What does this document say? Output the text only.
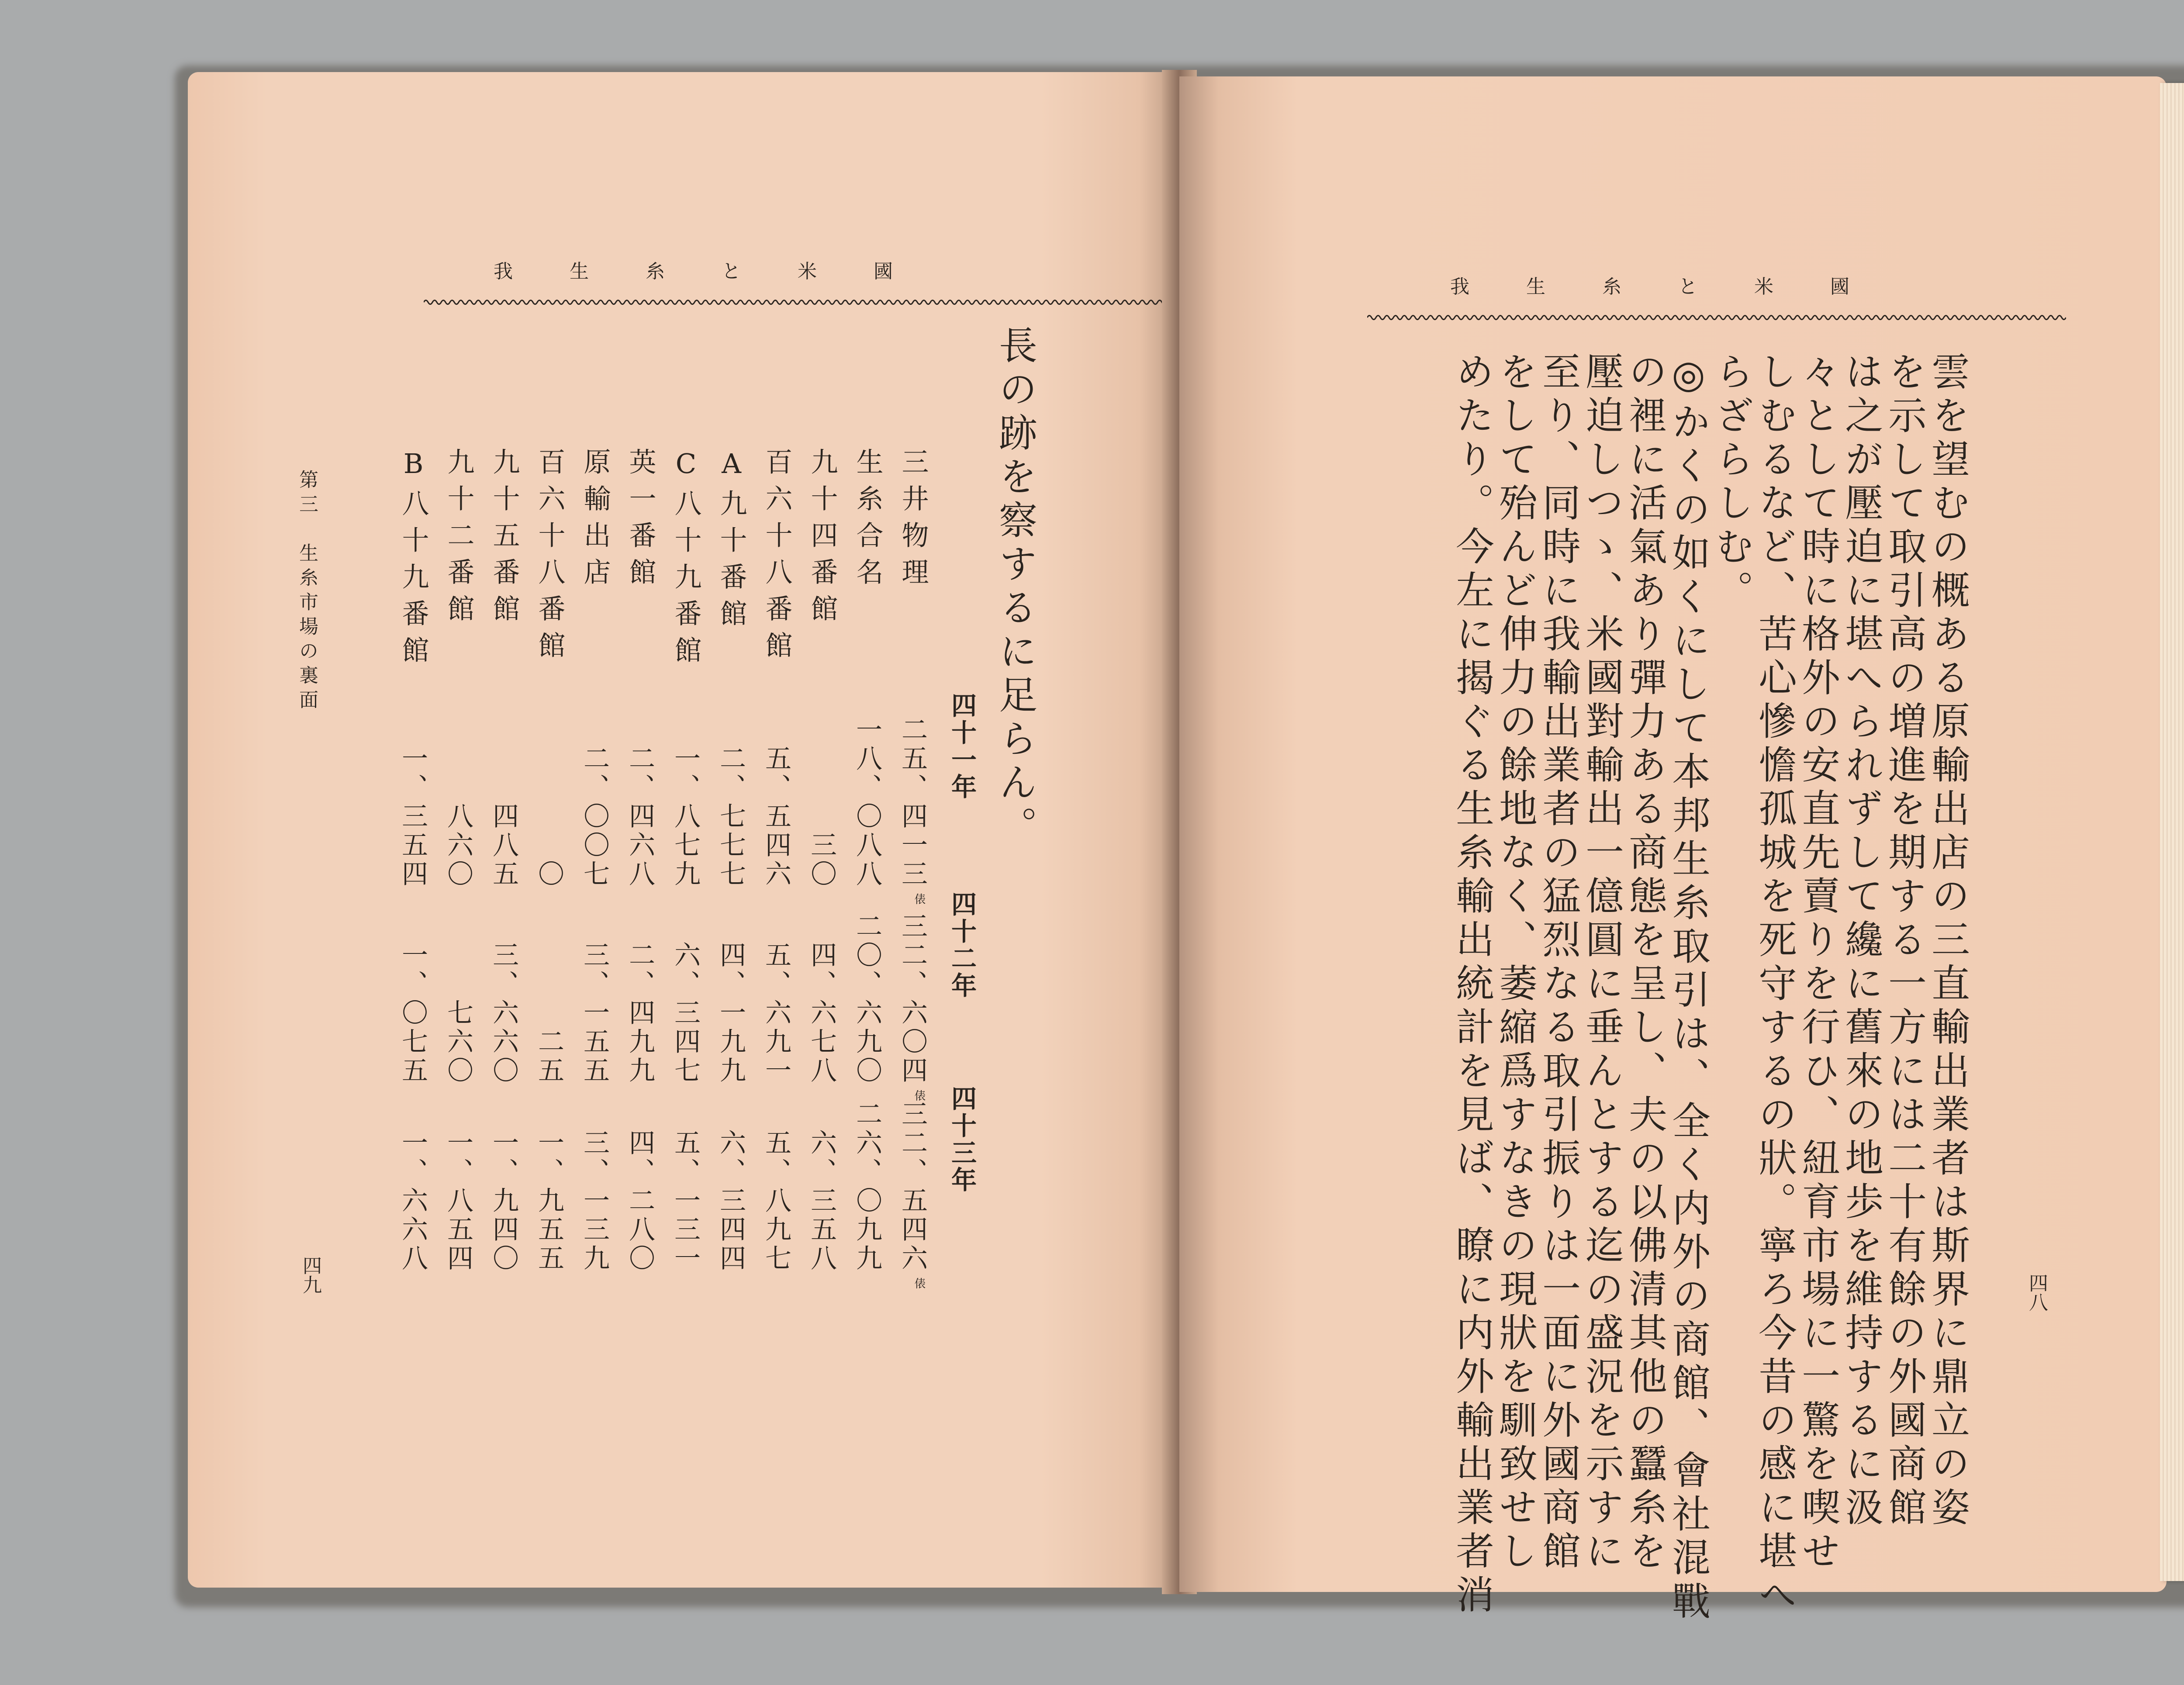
我生糸と米國
長の跡を察するに足らん。
四十一年
四十二年
四十三年
三井物理
二五、四一三
三二、六〇四
三二、五四六
俵
俵
俵
生糸合名
一八、〇八八
二〇、六九〇
二六、〇九九
九十四番館
三〇
四、六七八
六、三五八
百六十八番館
五、五四六
五、六九一
五、八九七
A九十番館
二、七七七
四、一九九
六、三四四
C八十九番館
一、八七九
六、三四七
五、一三一
英一番館
二、四六八
二、四九九
四、二八〇
原輸出店
二、〇〇七
三、一五五
三、一三九
百六十八番館
〇
二五
一、九五五
九十五番館
四八五
三、六六〇
一、九四〇
九十二番館
八六〇
七六〇
一、八五四
B八十九番館
一、三五四
一、〇七五
一、六六八
第三　生糸市場の裏面
四九
我生糸と米國
雲を望むの概ある原輸出店の三直輸出業者は斯界に鼎立の姿
を示して取引高の増進を期する一方には二十有餘の外國商館
は之が壓迫に堪へられずして纔に舊來の地歩を維持するに汲
々として時に格外の安直先賣りを行ひ、紐育市場に一驚を喫せ
しむるなど、苦心慘憺孤城を死守するの狀。寧ろ今昔の感に堪へ
らざらしむ。
◎かくの如くにして本邦生糸取引は、全く内外の商館、會社混戰
の裡に活氣あり彈力ある商態を呈し、夫の以佛清其他の蠶糸を
壓迫しつゝ、米國對輸出一億圓に垂んとする迄の盛況を示すに
至り、同時に我輸出業者の猛烈なる取引振りは一面に外國商館
をして殆んど伸力の餘地なく、萎縮爲すなきの現狀を馴致せし
めたり。今左に揭ぐる生糸輸出統計を見ば、瞭に内外輸出業者消	四八
